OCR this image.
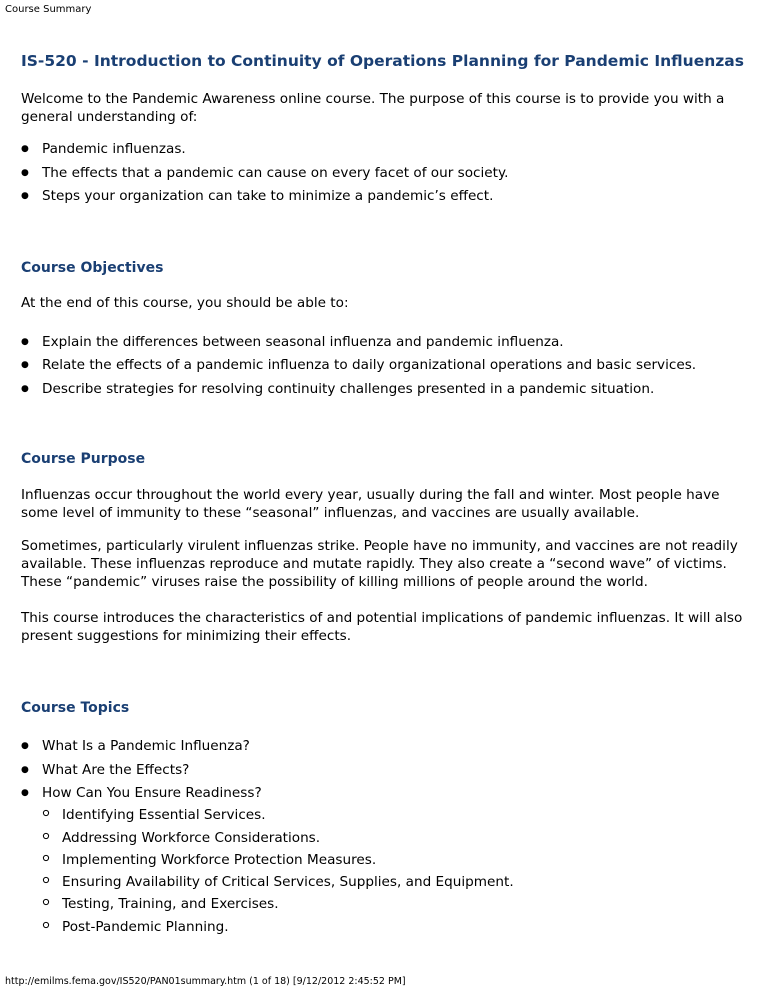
Course Summary
IS-520 - Introduction to Continuity of Operations Planning for Pandemic Influenzas
Welcome to the Pandemic Awareness online course. The purpose of this course is to provide you with a general understanding of:
● Pandemic influenzas.
● The effects that a pandemic can cause on every facet of our society.
● Steps your organization can take to minimize a pandemic’s effect.
Course Objectives
At the end of this course, you should be able to:
● Explain the differences between seasonal influenza and pandemic influenza.
● Relate the effects of a pandemic influenza to daily organizational operations and basic services.
● Describe strategies for resolving continuity challenges presented in a pandemic situation.
Course Purpose
Influenzas occur throughout the world every year, usually during the fall and winter. Most people have some level of immunity to these “seasonal” influenzas, and vaccines are usually available.
Sometimes, particularly virulent influenzas strike. People have no immunity, and vaccines are not readily available. These influenzas reproduce and mutate rapidly. They also create a “second wave” of victims. These “pandemic” viruses raise the possibility of killing millions of people around the world.
This course introduces the characteristics of and potential implications of pandemic influenzas. It will also present suggestions for minimizing their effects.
Course Topics
● What Is a Pandemic Influenza?
● What Are the Effects?
● How Can You Ensure Readiness?
Identifying Essential Services.
Addressing Workforce Considerations.
Implementing Workforce Protection Measures.
Ensuring Availability of Critical Services, Supplies, and Equipment.
Testing, Training, and Exercises.
Post-Pandemic Planning.
http://emilms.fema.gov/IS520/PAN01summary.htm (1 of 18) [9/12/2012 2:45:52 PM]
